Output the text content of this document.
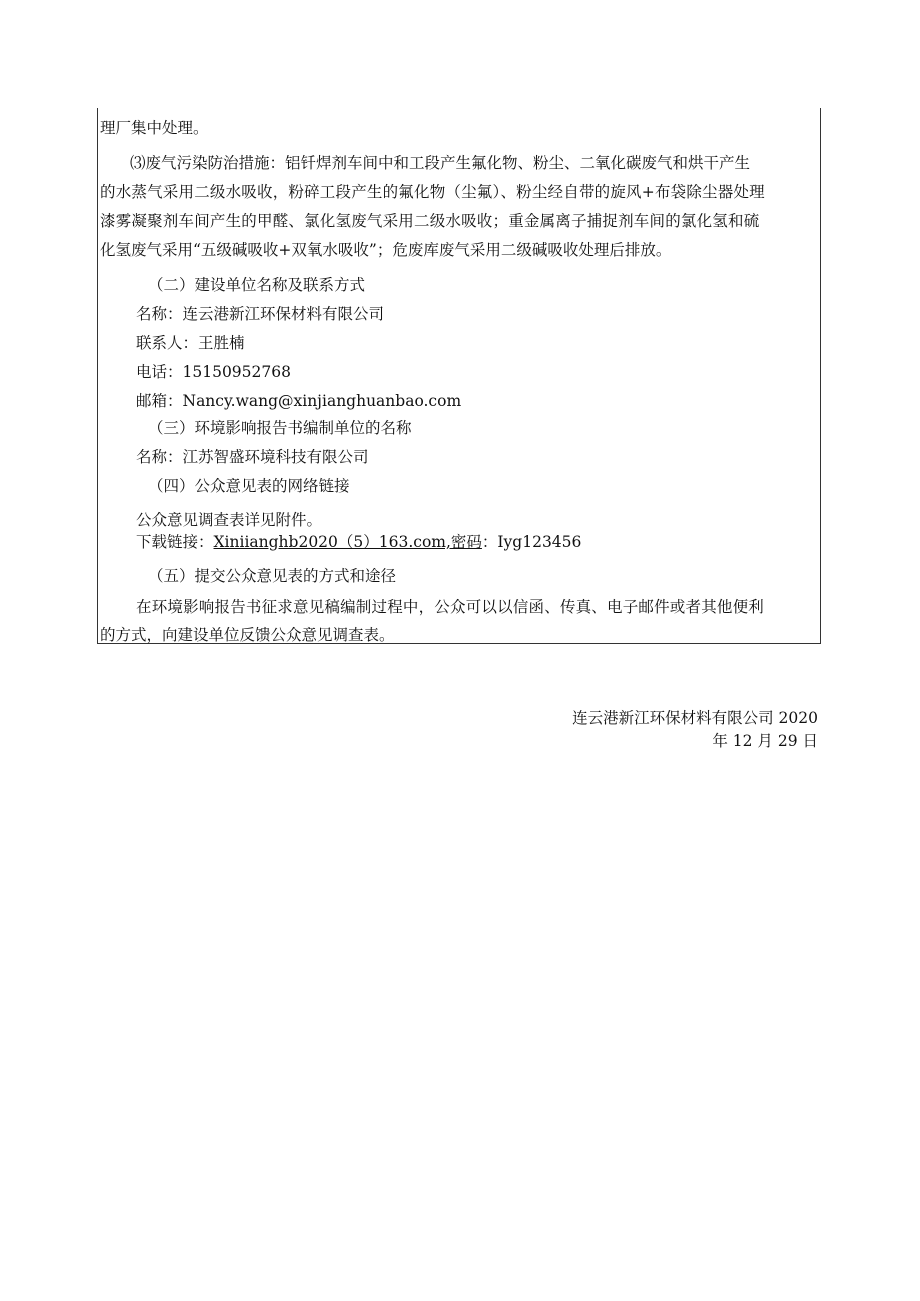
理厂集中处理。
⑶废气污染防治措施：铝钎焊剂车间中和工段产生氟化物、粉尘、二氧化碳废气和烘干产生
的水蒸气采用二级水吸收，粉碎工段产生的氟化物（尘氟）、粉尘经自带的旋风+布袋除尘器处理
漆雾凝聚剂车间产生的甲醛、氯化氢废气采用二级水吸收；重金属离子捕捉剂车间的氯化氢和硫
化氢废气采用“五级碱吸收+双氧水吸收”；危废库废气采用二级碱吸收处理后排放。
（二）建设单位名称及联系方式
名称：连云港新江环保材料有限公司
联系人：王胜楠
电话：15150952768
邮箱：Nancy.wang@xinjianghuanbao.com
（三）环境影响报告书编制单位的名称
名称：江苏智盛环境科技有限公司
（四）公众意见表的网络链接
公众意见调查表详见附件。
下载链接：Xiniianghb2020（5）163.com,密码：Iyg123456
（五）提交公众意见表的方式和途径
在环境影响报告书征求意见稿编制过程中，公众可以以信函、传真、电子邮件或者其他便利
的方式，向建设单位反馈公众意见调查表。
连云港新江环保材料有限公司 2020
年 12 月 29 日
